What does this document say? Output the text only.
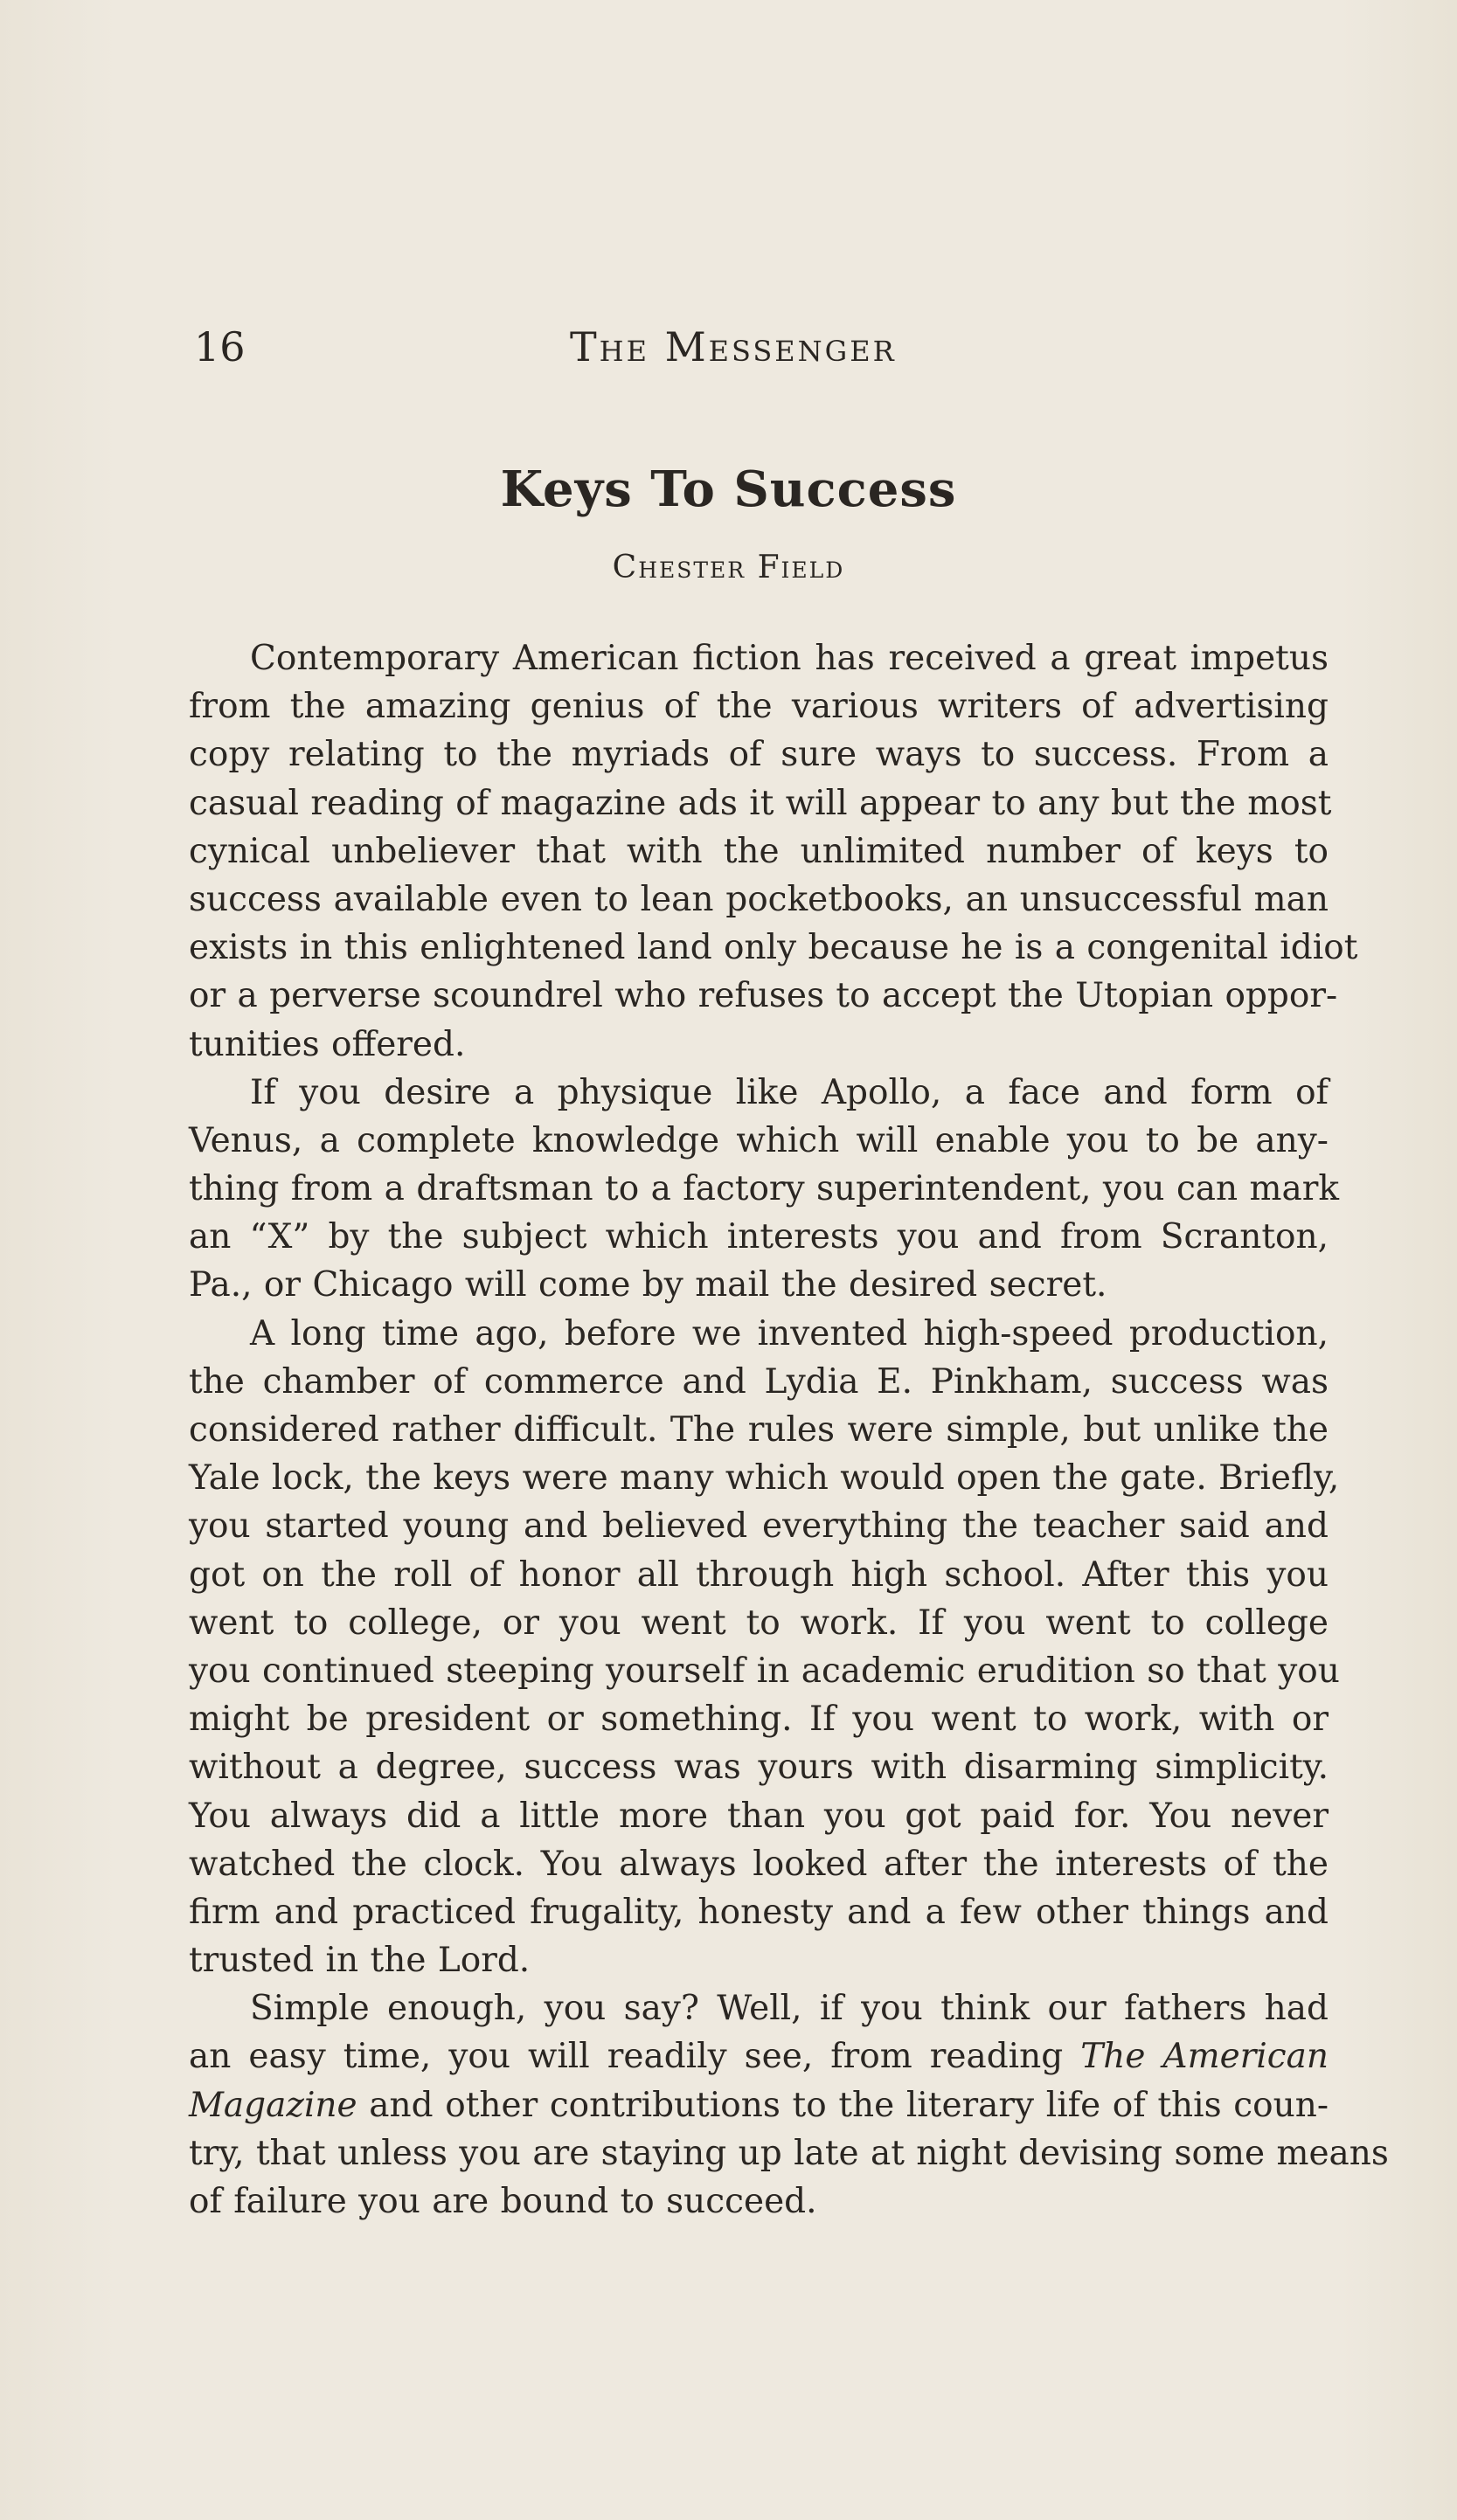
16	The Messenger
Keys To Success
Chester Field
Contemporary American fiction has received a great impetus
from the amazing genius of the various writers of advertising
copy relating to the myriads of sure ways to success. From a
casual reading of magazine ads it will appear to any but the most
cynical unbeliever that with the unlimited number of keys to
success available even to lean pocketbooks, an unsuccessful man
exists in this enlightened land only because he is a congenital idiot
or a perverse scoundrel who refuses to accept the Utopian oppor-
tunities offered.
If you desire a physique like Apollo, a face and form of
Venus, a complete knowledge which will enable you to be any-
thing from a draftsman to a factory superintendent, you can mark
an “X” by the subject which interests you and from Scranton,
Pa., or Chicago will come by mail the desired secret.
A long time ago, before we invented high-speed production,
the chamber of commerce and Lydia E. Pinkham, success was
considered rather difficult. The rules were simple, but unlike the
Yale lock, the keys were many which would open the gate. Briefly,
you started young and believed everything the teacher said and
got on the roll of honor all through high school. After this you
went to college, or you went to work. If you went to college
you continued steeping yourself in academic erudition so that you
might be president or something. If you went to work, with or
without a degree, success was yours with disarming simplicity.
You always did a little more than you got paid for. You never
watched the clock. You always looked after the interests of the
firm and practiced frugality, honesty and a few other things and
trusted in the Lord.
Simple enough, you say? Well, if you think our fathers had
an easy time, you will readily see, from reading The American
Magazine and other contributions to the literary life of this coun-
try, that unless you are staying up late at night devising some means
of failure you are bound to succeed.
